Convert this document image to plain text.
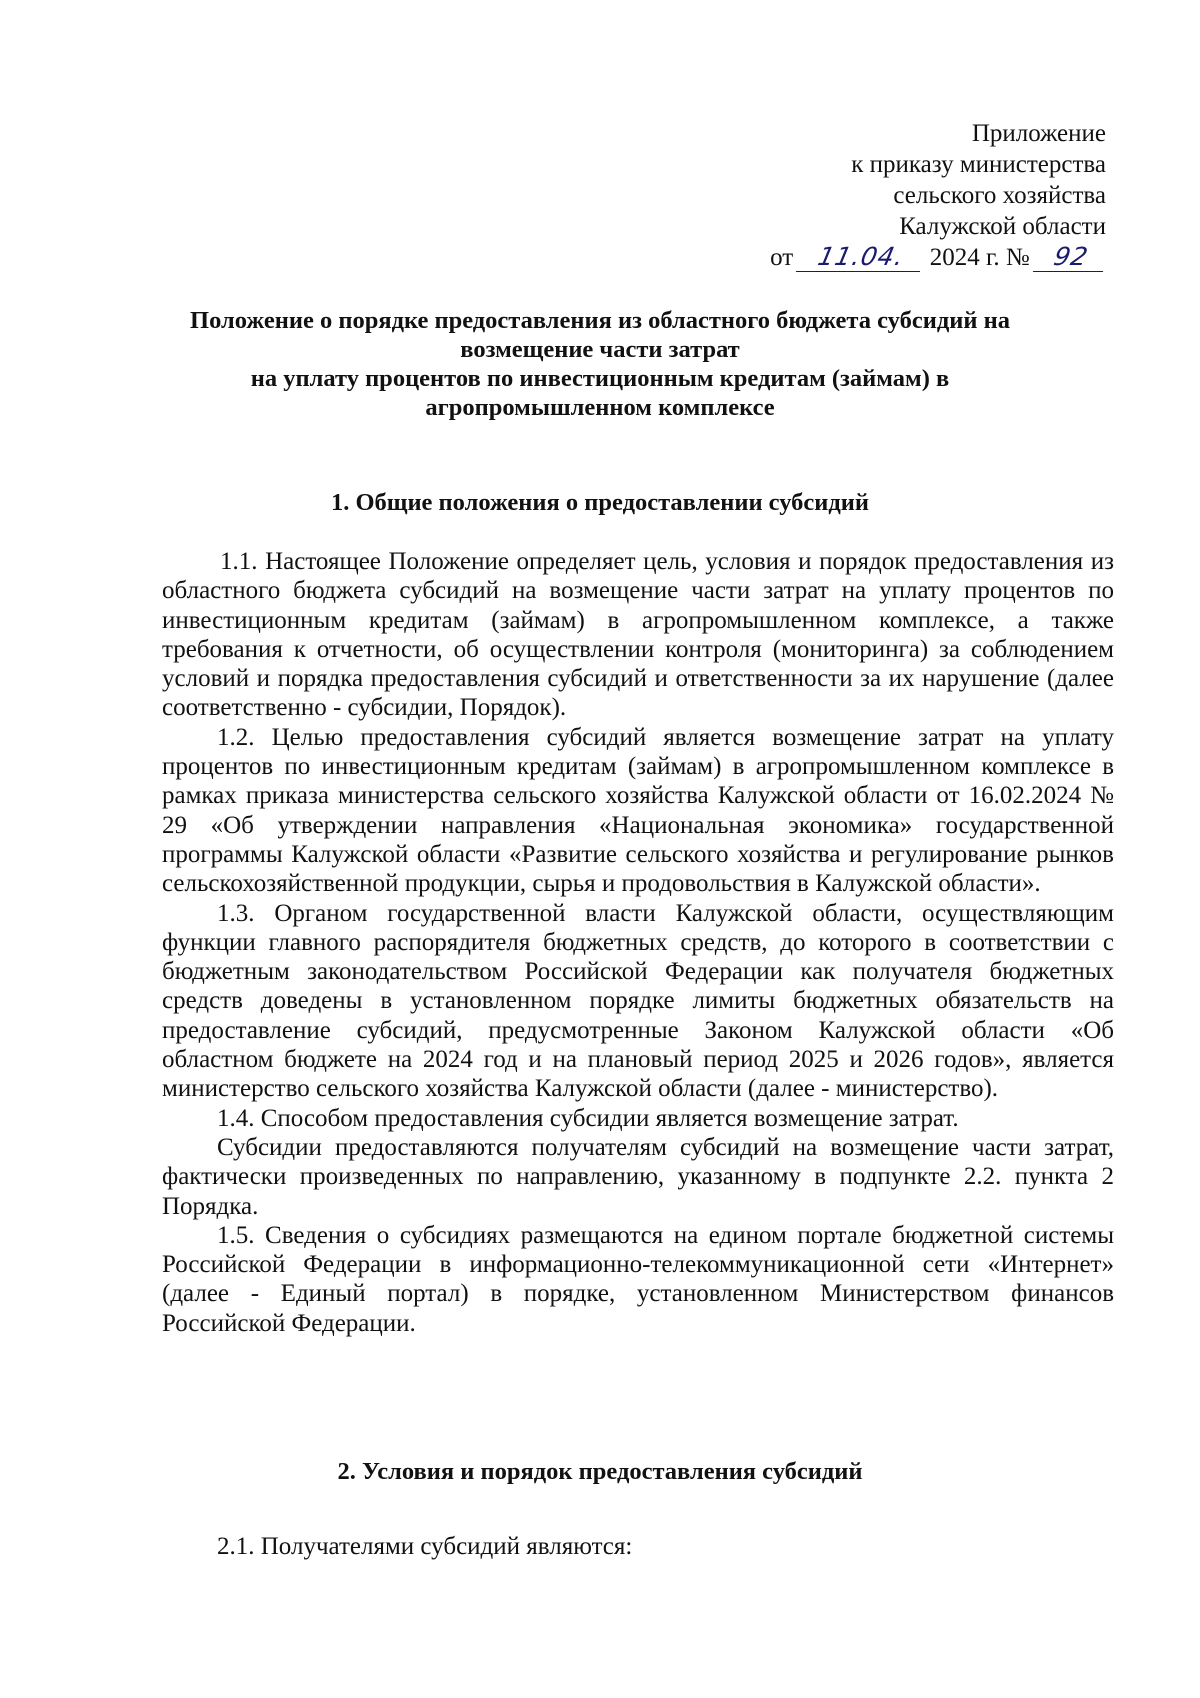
Приложение
к приказу министерства
сельского хозяйства
Калужской области
от 11.04. 2024 г. № 92
Положение о порядке предоставления из областного бюджета субсидий на
возмещение части затрат
на уплату процентов по инвестиционным кредитам (займам) в
агропромышленном комплексе
1. Общие положения о предоставлении субсидий

1.1. Настоящее Положение определяет цель, условия и порядок предоставления из областного бюджета субсидий на возмещение части затрат на уплату процентов по инвестиционным кредитам (займам) в агропромышленном комплексе, а также требования к отчетности, об осуществлении контроля (мониторинга) за соблюдением условий и порядка предоставления субсидий и ответственности за их нарушение (далее соответственно - субсидии, Порядок).

1.2. Целью предоставления субсидий является возмещение затрат на уплату процентов по инвестиционным кредитам (займам) в агропромышленном комплексе в рамках приказа министерства сельского хозяйства Калужской области от 16.02.2024 № 29 «Об утверждении направления «Национальная экономика» государственной программы Калужской области «Развитие сельского хозяйства и регулирование рынков сельскохозяйственной продукции, сырья и продовольствия в Калужской области».

1.3. Органом государственной власти Калужской области, осуществляющим функции главного распорядителя бюджетных средств, до которого в соответствии с бюджетным законодательством Российской Федерации как получателя бюджетных средств доведены в установленном порядке лимиты бюджетных обязательств на предоставление субсидий, предусмотренные Законом Калужской области «Об областном бюджете на 2024 год и на плановый период 2025 и 2026 годов», является министерство сельского хозяйства Калужской области (далее - министерство).

1.4. Способом предоставления субсидии является возмещение затрат.

Субсидии предоставляются получателям субсидий на возмещение части затрат, фактически произведенных по направлению, указанному в подпункте 2.2. пункта 2 Порядка.

1.5. Сведения о субсидиях размещаются на едином портале бюджетной системы Российской Федерации в информационно-телекоммуникационной сети «Интернет» (далее - Единый портал) в порядке, установленном Министерством финансов Российской Федерации.

2. Условия и порядок предоставления субсидий

2.1. Получателями субсидий являются:
